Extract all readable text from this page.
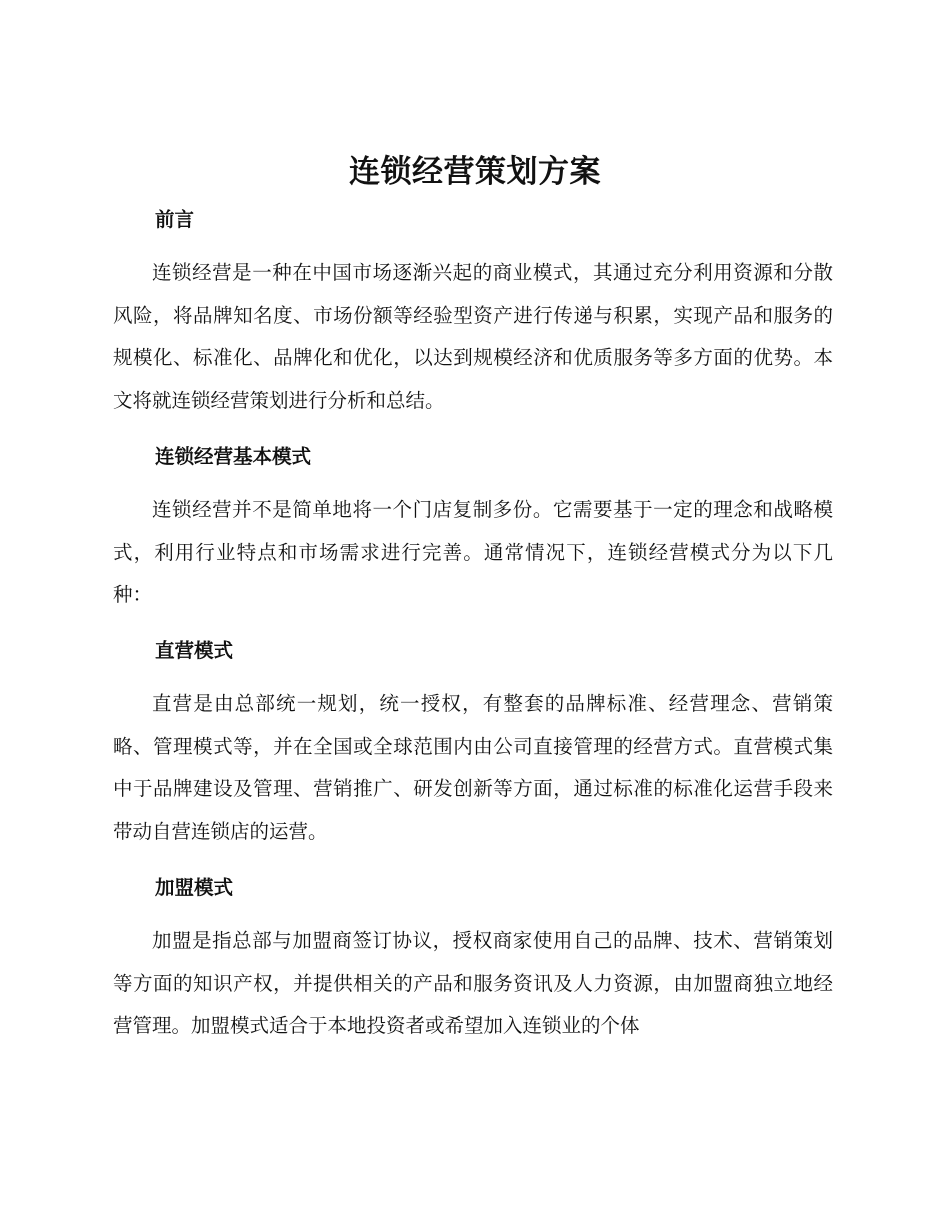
连锁经营策划方案
前言

连锁经营是一种在中国市场逐渐兴起的商业模式，其通过充分利用资源和分散风险，将品牌知名度、市场份额等经验型资产进行传递与积累，实现产品和服务的规模化、标准化、品牌化和优化，以达到规模经济和优质服务等多方面的优势。本文将就连锁经营策划进行分析和总结。

连锁经营基本模式

连锁经营并不是简单地将一个门店复制多份。它需要基于一定的理念和战略模式，利用行业特点和市场需求进行完善。通常情况下，连锁经营模式分为以下几种：

直营模式

直营是由总部统一规划，统一授权，有整套的品牌标准、经营理念、营销策略、管理模式等，并在全国或全球范围内由公司直接管理的经营方式。直营模式集中于品牌建设及管理、营销推广、研发创新等方面，通过标准的标准化运营手段来带动自营连锁店的运营。

加盟模式

加盟是指总部与加盟商签订协议，授权商家使用自己的品牌、技术、营销策划等方面的知识产权，并提供相关的产品和服务资讯及人力资源，由加盟商独立地经营管理。加盟模式适合于本地投资者或希望加入连锁业的个体
